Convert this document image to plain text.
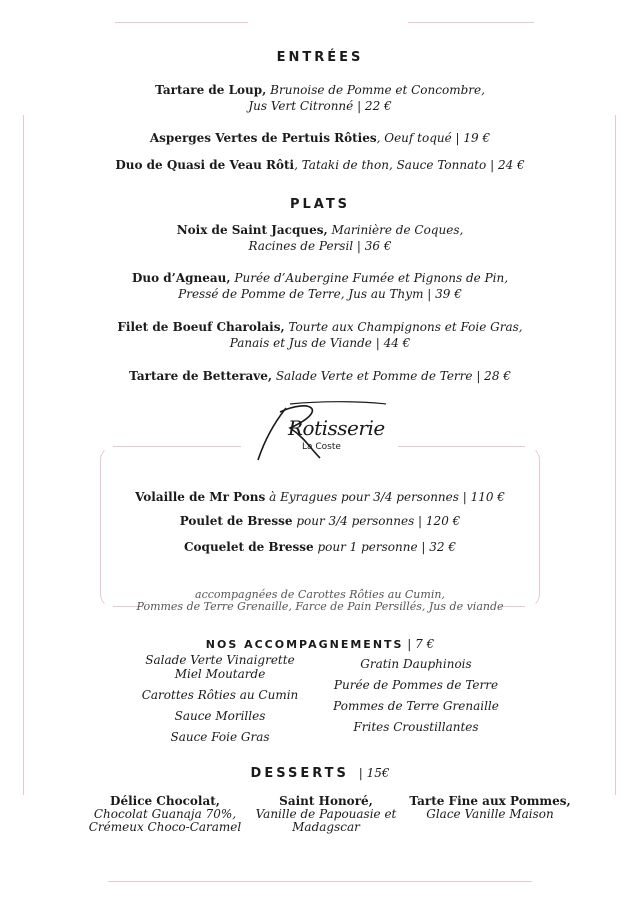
ENTRÉES
Tartare de Loup, Brunoise de Pomme et Concombre,
Jus Vert Citronné | 22 €
Asperges Vertes de Pertuis Rôties, Oeuf toqué | 19 €
Duo de Quasi de Veau Rôti, Tataki de thon, Sauce Tonnato | 24 €
PLATS
Noix de Saint Jacques, Marinière de Coques,
Racines de Persil | 36 €
Duo d’Agneau, Purée d’Aubergine Fumée et Pignons de Pin,
Pressé de Pomme de Terre, Jus au Thym | 39 €
Filet de Boeuf Charolais, Tourte aux Champignons et Foie Gras,
Panais et Jus de Viande | 44 €
Tartare de Betterave, Salade Verte et Pomme de Terre | 28 €
Rotisserie
La Coste
Volaille de Mr Pons à Eyragues pour 3/4 personnes | 110 €
Poulet de Bresse pour 3/4 personnes | 120 €
Coquelet de Bresse pour 1 personne | 32 €
accompagnées de Carottes Rôties au Cumin,
Pommes de Terre Grenaille, Farce de Pain Persillés, Jus de viande
NOS ACCOMPAGNEMENTS | 7 €
Salade Verte Vinaigrette
Miel Moutarde
Carottes Rôties au Cumin
Sauce Morilles
Sauce Foie Gras
Gratin Dauphinois
Purée de Pommes de Terre
Pommes de Terre Grenaille
Frites Croustillantes
DESSERTS | 15€
Délice Chocolat,
Chocolat Guanaja 70%,
Crémeux Choco-Caramel
Saint Honoré,
Vanille de Papouasie et
Madagscar
Tarte Fine aux Pommes,
Glace Vanille Maison
